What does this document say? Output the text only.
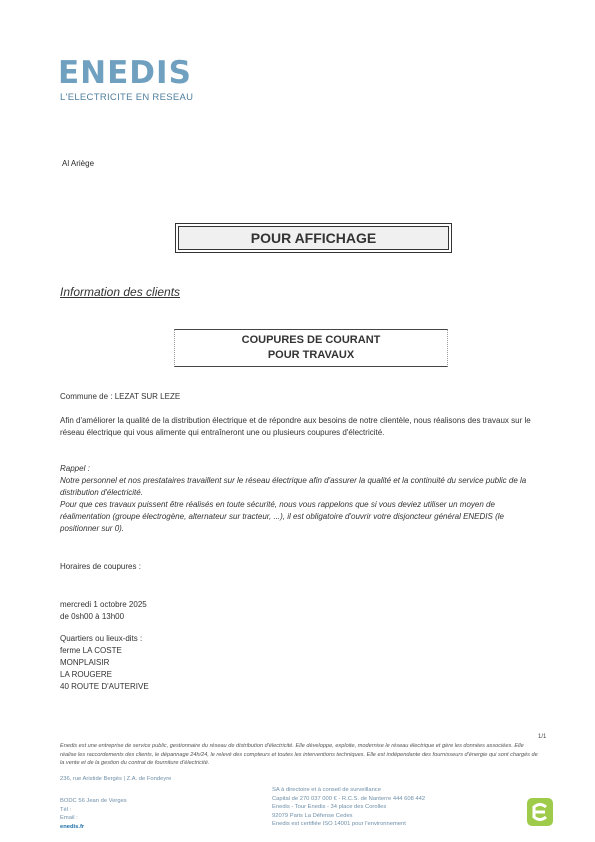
ENEDIS
L'ELECTRICITE EN RESEAU
Al Ariège
POUR AFFICHAGE
Information des clients
COUPURES DE COURANT
POUR TRAVAUX
Commune de : LEZAT SUR LEZE
Afin d'améliorer la qualité de la distribution électrique et de répondre aux besoins de notre clientèle, nous réalisons des travaux sur le réseau électrique qui vous alimente qui entraîneront une ou plusieurs coupures d'électricité.
Rappel :
Notre personnel et nos prestataires travaillent sur le réseau électrique afin d'assurer la qualité et la continuité du service public de la distribution d'électricité.
Pour que ces travaux puissent être réalisés en toute sécurité, nous vous rappelons que si vous deviez utiliser un moyen de réalimentation (groupe électrogène, alternateur sur tracteur, ...), il est obligatoire d'ouvrir votre disjoncteur général ENEDIS (le positionner sur 0).
Horaires de coupures :
mercredi 1 octobre 2025
de 0sh00 à 13h00
Quartiers ou lieux-dits :
ferme LA COSTE
MONPLAISIR
LA ROUGERE
40 ROUTE D'AUTERIVE
1/1
Enedis est une entreprise de service public, gestionnaire du réseau de distribution d'électricité. Elle développe, exploite, modernise le réseau électrique et gère les données associées. Elle réalise les raccordements des clients, le dépannage 24h/24, le relevé des compteurs et toutes les interventions techniques. Elle est indépendante des fournisseurs d'énergie qui sont chargés de la vente et de la gestion du contrat de fourniture d'électricité.
236, rue Aristide Bergès | Z.A. de Fondeyre
BODC 56 Jean de Verges
Tél :
Email :
enedis.fr
SA à directoire et à conseil de surveillance
Capital de 270 037 000 € - R.C.S. de Nanterre 444 608 442
Enedis - Tour Enedis - 34 place des Corolles
92079 Paris La Défense Cedex
Enedis est certifiée ISO 14001 pour l'environnement
